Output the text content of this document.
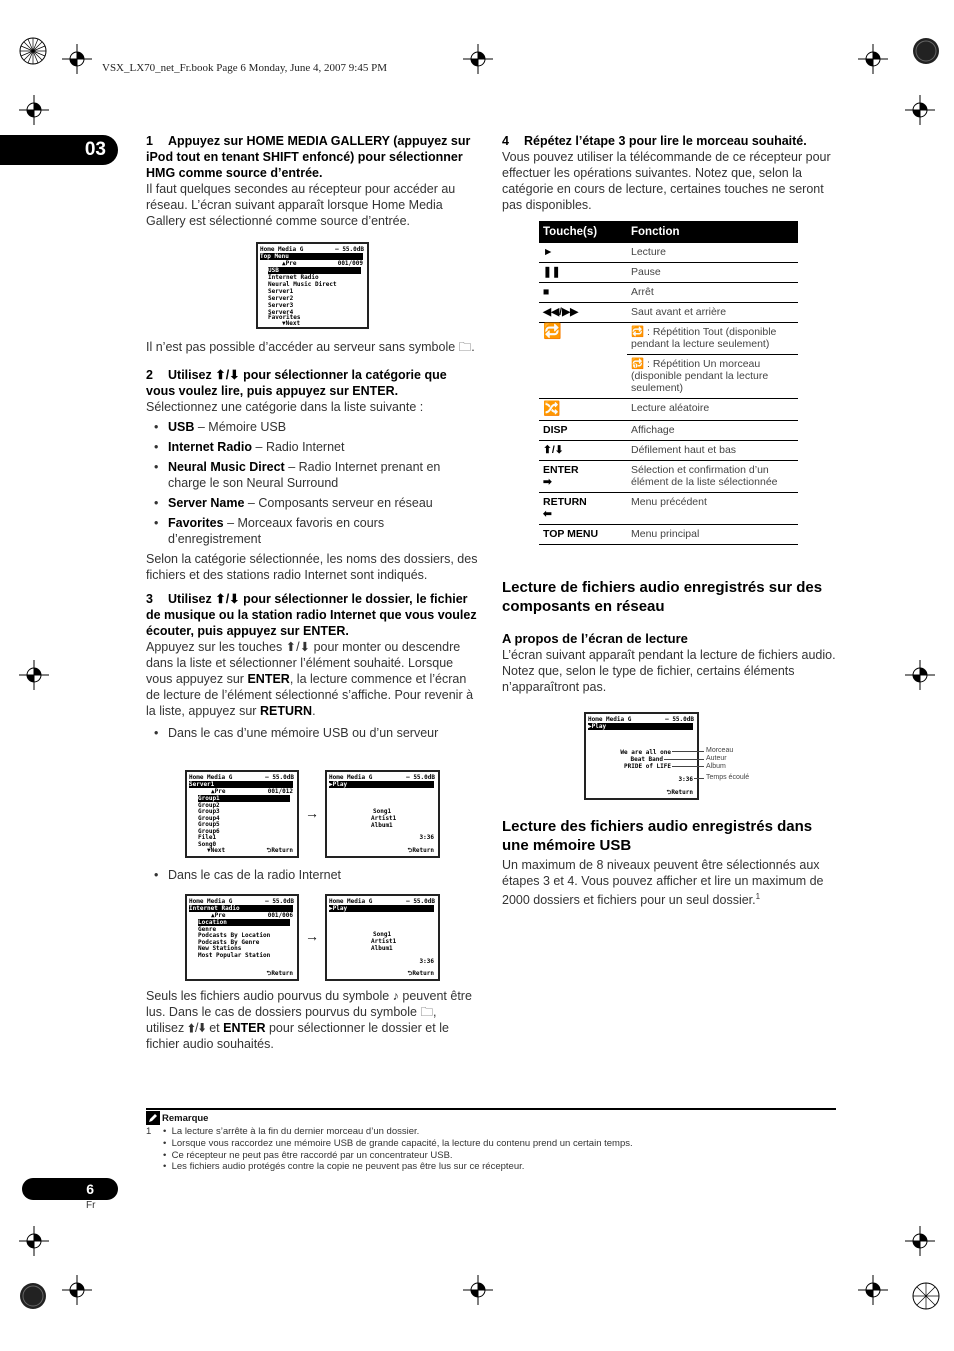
VSX_LX70_net_Fr.book Page 6 Monday, June 4, 2007 9:45 PM
03	1 Appuyez sur HOME MEDIA GALLERY (appuyez sur iPod tout en tenant SHIFT enfoncé) pour sélectionner HMG comme source d’entrée.

Il faut quelques secondes au récepteur pour accéder au réseau. L’écran suivant apparaît lorsque Home Media Gallery est sélectionné comme source d’entrée.

Home Media G	– 55.0dB
Top Menu
▲Pre	001/009
USB
Internet Radio
Neural Music Direct
Server1
Server2
Server3
Server4
Favorites
▼Next

Il n’est pas possible d’accéder au serveur sans symbole 🗀.

2 Utilisez ⬆/⬇ pour sélectionner la catégorie que vous voulez lire, puis appuyez sur ENTER.

Sélectionnez une catégorie dans la liste suivante :

• USB – Mémoire USB
• Internet Radio – Radio Internet
• Neural Music Direct – Radio Internet prenant en charge le son Neural Surround
• Server Name – Composants serveur en réseau
• Favorites – Morceaux favoris en cours d’enregistrement

Selon la catégorie sélectionnée, les noms des dossiers, des fichiers et des stations radio Internet sont indiqués.

3 Utilisez ⬆/⬇ pour sélectionner le dossier, le fichier de musique ou la station radio Internet que vous voulez écouter, puis appuyez sur ENTER.

Appuyez sur les touches ⬆/⬇ pour monter ou descendre dans la liste et sélectionner l’élément souhaité. Lorsque vous appuyez sur ENTER, la lecture commence et l’écran de lecture de l’élément sélectionné s’affiche. Pour revenir à la liste, appuyez sur RETURN.

• Dans le cas d’une mémoire USB ou d’un serveur
Home Media G	– 55.0dB
Server1
▲Pre	001/012
Group1
Group2
Group3
Group4
Group5
Group6
File1
Song0
▼Next	⮌Return
→
Home Media G	– 55.0dB
▶Play
Song1
Artist1
Album1
3:36
⮌Return
• Dans le cas de la radio Internet
Home Media G	– 55.0dB
Internet Radio
▲Pre	001/006
Location
Genre
Podcasts By Location
Podcasts By Genre
New Stations
Most Popular Station
⮌Return
→
Home Media G	– 55.0dB
▶Play
Song1
Artist1
Album1
3:36
⮌Return

Seuls les fichiers audio pourvus du symbole ♪ peuvent être lus. Dans le cas de dossiers pourvus du symbole 🗀, utilisez ⬆/⬇ et ENTER pour sélectionner le dossier et le fichier audio souhaités.

4 Répétez l’étape 3 pour lire le morceau souhaité.

Vous pouvez utiliser la télécommande de ce récepteur pour effectuer les opérations suivantes. Notez que, selon la catégorie en cours de lecture, certaines touches ne seront pas disponibles.

Touche(s)	Fonction
►	Lecture
❚❚	Pause
■	Arrêt
◀◀/▶▶	Saut avant et arrière
🔁	🔁 : Répétition Tout (disponible pendant la lecture seulement)
	🔂 : Répétition Un morceau (disponible pendant la lecture seulement)
🔀	Lecture aléatoire
DISP	Affichage
⬆/⬇	Défilement haut et bas
ENTER
➡	Sélection et confirmation d’un élément de la liste sélectionnée
RETURN
⬅	Menu précédent
TOP MENU	Menu principal
Lecture de fichiers audio enregistrés sur des composants en réseau
A propos de l’écran de lecture

L’écran suivant apparaît pendant la lecture de fichiers audio. Notez que, selon le type de fichier, certains éléments n’apparaîtront pas.

Home Media G	– 55.0dB
▶Play
We are all one
Beat Band
PRIDE of LIFE
3:36
⮌Return
Morceau
Auteur
Album
Temps écoulé
Lecture des fichiers audio enregistrés dans une mémoire USB

Un maximum de 8 niveaux peuvent être sélectionnés aux étapes 3 et 4. Vous pouvez afficher et lire un maximum de 2000 dossiers et fichiers pour un seul dossier.$^1$

Remarque
1	•  La lecture s’arrête à la fin du dernier morceau d’un dossier.
•  Lorsque vous raccordez une mémoire USB de grande capacité, la lecture du contenu prend un certain temps.
•  Ce récepteur ne peut pas être raccordé par un concentrateur USB.
•  Les fichiers audio protégés contre la copie ne peuvent pas être lus sur ce récepteur.
6
Fr
